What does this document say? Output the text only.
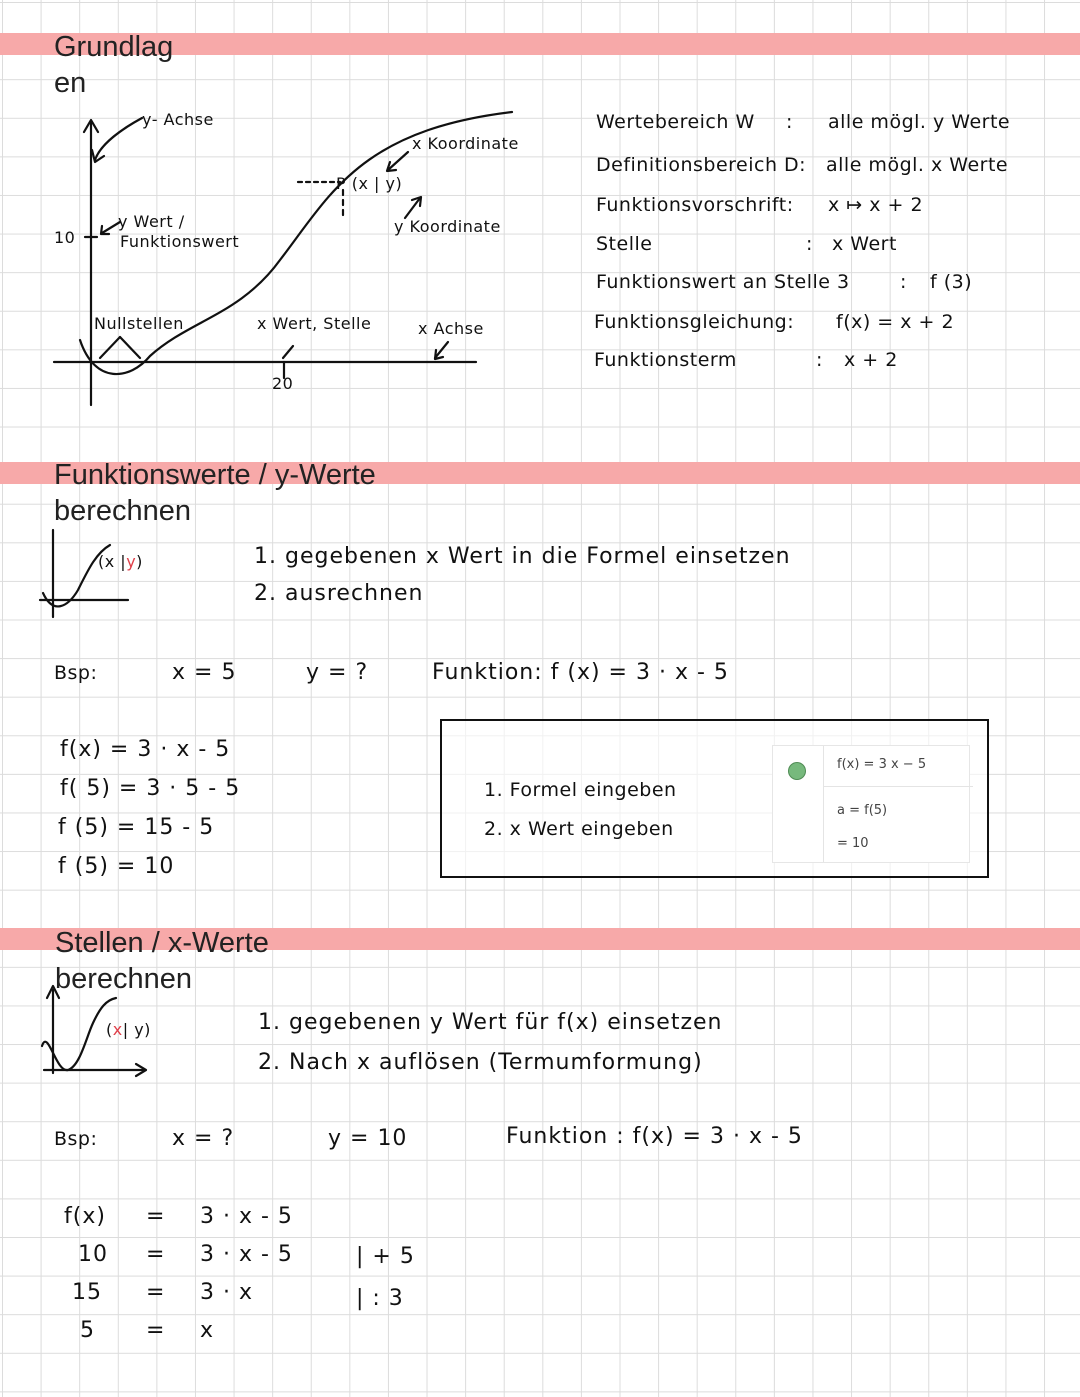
Grundlag
en
y- Achse
10
y Wert /
Funktionswert
x Koordinate
P (x | y)
y Koordinate
Nullstellen	x Wert, Stelle	x Achse
20
Wertebereich W : alle mögl. y Werte
Definitionsbereich D: alle mögl. x Werte
Funktionsvorschrift: x ↦ x + 2
Stelle	: x Wert
Funktionswert an Stelle 3	: f (3)
Funktionsgleichung: f(x) = x + 2
Funktionsterm	: x + 2
Funktionswerte / y-Werte
berechnen
(x |y)	1. gegebenen x Wert in die Formel einsetzen
2. ausrechnen
Bsp:	x = 5	y = ?	Funktion: f (x) = 3 · x - 5
f(x) = 3 · x - 5
f( 5) = 3 · 5 - 5
f (5) = 15 - 5
f (5) = 10
1. Formel eingeben
2. x Wert eingeben
f(x) = 3 x − 5
a = f(5)
= 10
Stellen / x-Werte
berechnen
(x| y)	1. gegebenen y Wert für f(x) einsetzen
2. Nach x auflösen (Termumformung)
Bsp:	x = ?	y = 10	Funktion : f(x) = 3 · x - 5
f(x) = 3 · x - 5
10 = 3 · x - 5	| + 5
15 = 3 · x	| : 3
5 = x
